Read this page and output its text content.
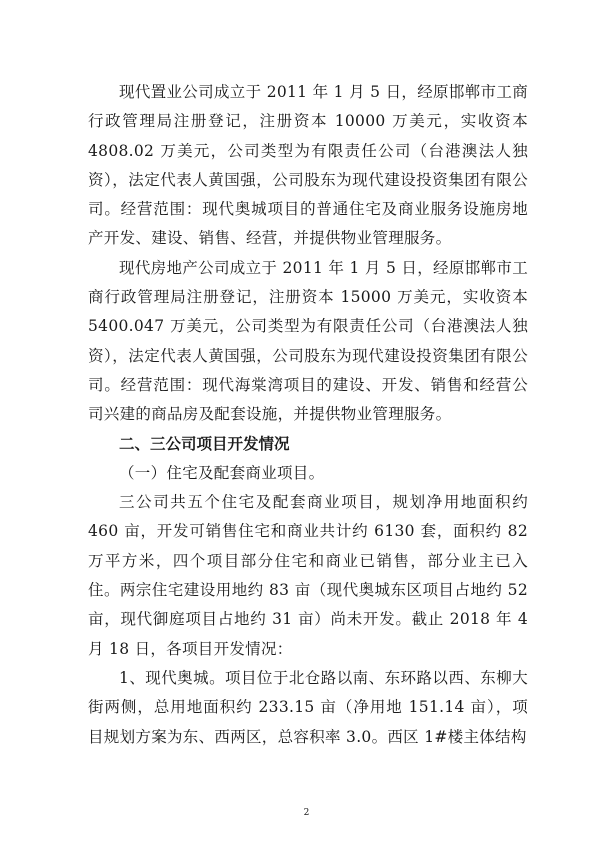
现代置业公司成立于 2011 年 1 月 5 日，经原邯郸市工商行政管理局注册登记，注册资本 10000 万美元，实收资本 4808.02 万美元，公司类型为有限责任公司（台港澳法人独资），法定代表人黄国强，公司股东为现代建设投资集团有限公司。经营范围：现代奥城项目的普通住宅及商业服务设施房地产开发、建设、销售、经营，并提供物业管理服务。

现代房地产公司成立于 2011 年 1 月 5 日，经原邯郸市工商行政管理局注册登记，注册资本 15000 万美元，实收资本 5400.047 万美元，公司类型为有限责任公司（台港澳法人独资），法定代表人黄国强，公司股东为现代建设投资集团有限公司。经营范围：现代海棠湾项目的建设、开发、销售和经营公司兴建的商品房及配套设施，并提供物业管理服务。

二、三公司项目开发情况

（一）住宅及配套商业项目。

三公司共五个住宅及配套商业项目，规划净用地面积约 460 亩，开发可销售住宅和商业共计约 6130 套，面积约 82 万平方米，四个项目部分住宅和商业已销售，部分业主已入住。两宗住宅建设用地约 83 亩（现代奥城东区项目占地约 52 亩，现代御庭项目占地约 31 亩）尚未开发。截止 2018 年 4 月 18 日，各项目开发情况：

1、现代奥城。项目位于北仓路以南、东环路以西、东柳大街两侧，总用地面积约 233.15 亩（净用地 151.14 亩），项目规划方案为东、西两区，总容积率 3.0。西区 1#楼主体结构

2
